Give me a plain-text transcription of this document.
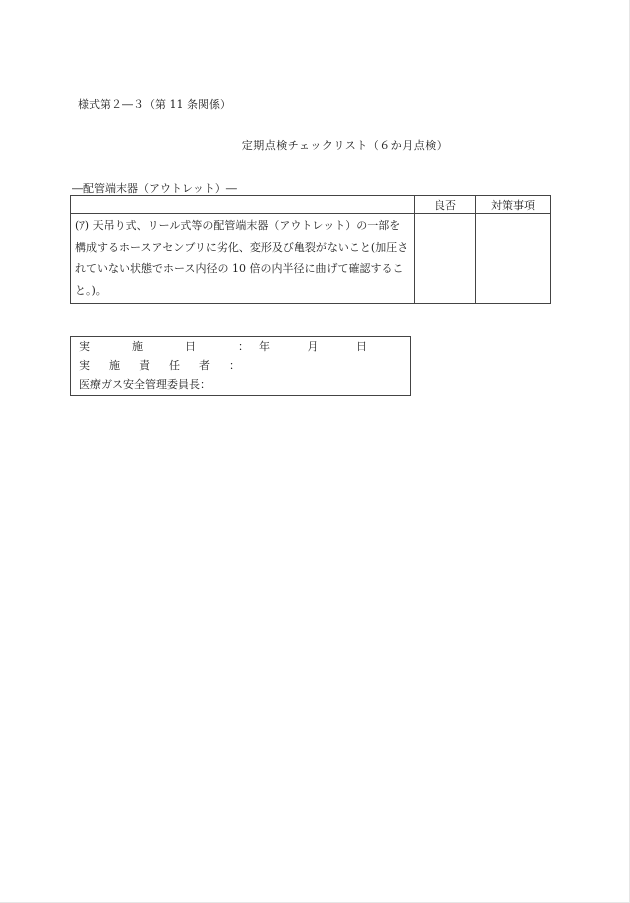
様式第２―３（第 11 条関係）
定期点検チェックリスト（６か月点検）
―配管端末器（アウトレット）―
	良否	対策事項

(ｱ) 天吊り式、リール式等の配管端末器（アウトレット）の一部を構成するホースアセンブリに劣化、変形及び亀裂がないこと(加圧されていない状態でホース内径の 10 倍の内半径に曲げて確認すること。)。		

実施日： 年	月	日
実施責任者：
医療ガス安全管理委員長：
